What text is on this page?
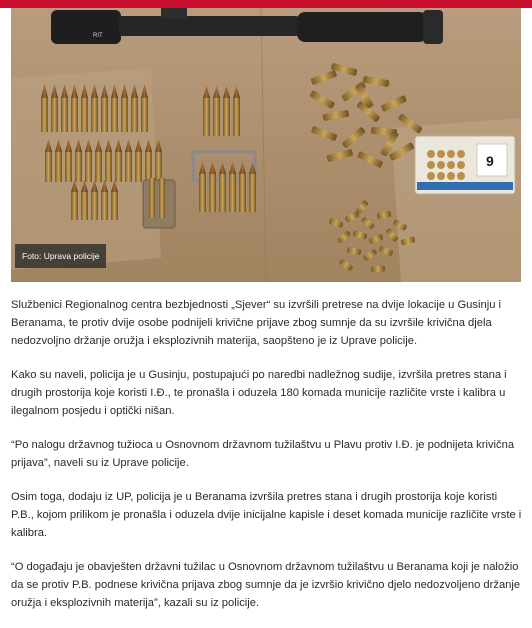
RIT
9
Foto: Uprava policije

Službenici Regionalnog centra bezbjednosti „Sjever“ su izvršili pretrese na dvije lokacije u Gusinju i Beranama, te protiv dvije osobe podnijeli krivične prijave zbog sumnje da su izvršile krivična djela nedozvoljno držanje oružja i eksplozivnih materija, saopšteno je iz Uprave policije.

Kako su naveli, policija je u Gusinju, postupajući po naredbi nadležnog sudije, izvršila pretres stana i drugih prostorija koje koristi I.Đ., te pronašla i oduzela 180 komada municije različite vrste i kalibra u ilegalnom posjedu i optički nišan.

“Po nalogu državnog tužioca u Osnovnom državnom tužilaštvu u Plavu protiv I.Đ. je podnijeta krivična prijava”, naveli su iz Uprave policije.

Osim toga, dodaju iz UP, policija je u Beranama izvršila pretres stana i drugih prostorija koje koristi P.B., kojom prilikom je pronašla i oduzela dvije inicijalne kapisle i deset komada municije različite vrste i kalibra.

“O događaju je obavješten državni tužilac u Osnovnom državnom tužilaštvu u Beranama koji je naložio da se protiv P.B. podnese krivična prijava zbog sumnje da je izvršio krivično djelo nedozvoljeno držanje oružja i eksplozivnih materija”, kazali su iz policije.
